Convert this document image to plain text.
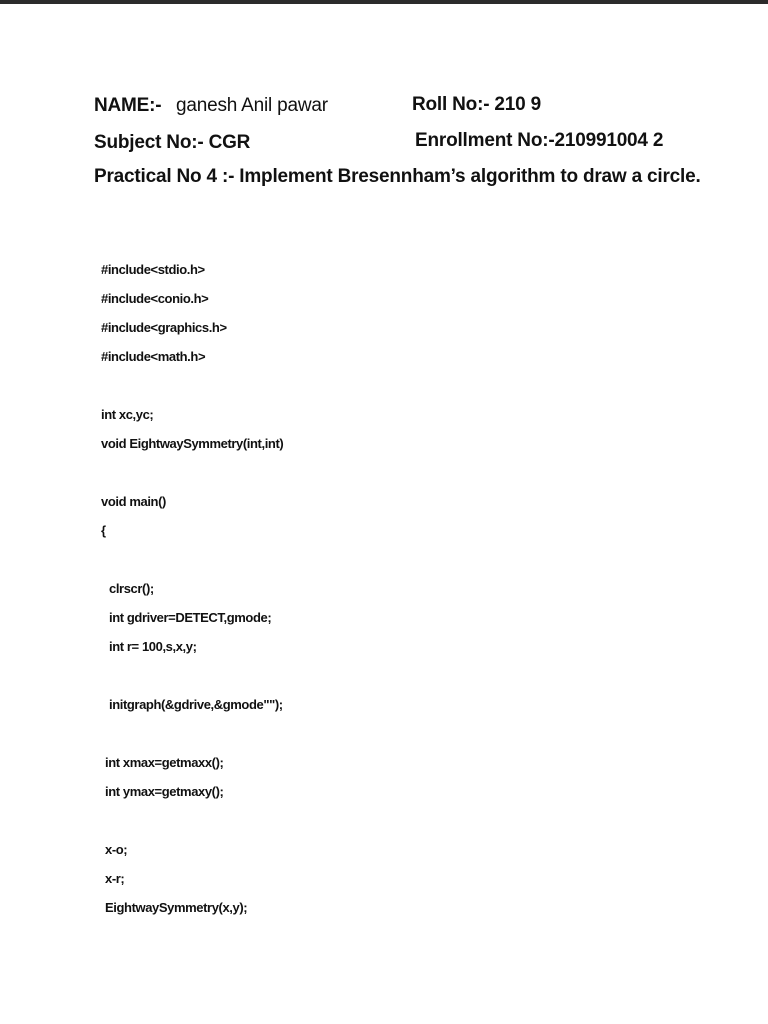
NAME:- ganesh Anil pawar	Roll No:- 210 9
Subject No:- CGR	Enrollment No:-210991004 2
Practical No 4 :- Implement Bresennham’s algorithm to draw a circle.
#include<stdio.h>
#include<conio.h>
#include<graphics.h>
#include<math.h>
int xc,yc;
void EightwaySymmetry(int,int)
void main()
{
clrscr();
int gdriver=DETECT,gmode;
int r= 100,s,x,y;
initgraph(&gdrive,&gmode"");
int xmax=getmaxx();
int ymax=getmaxy();
x-o;
x-r;
EightwaySymmetry(x,y);
